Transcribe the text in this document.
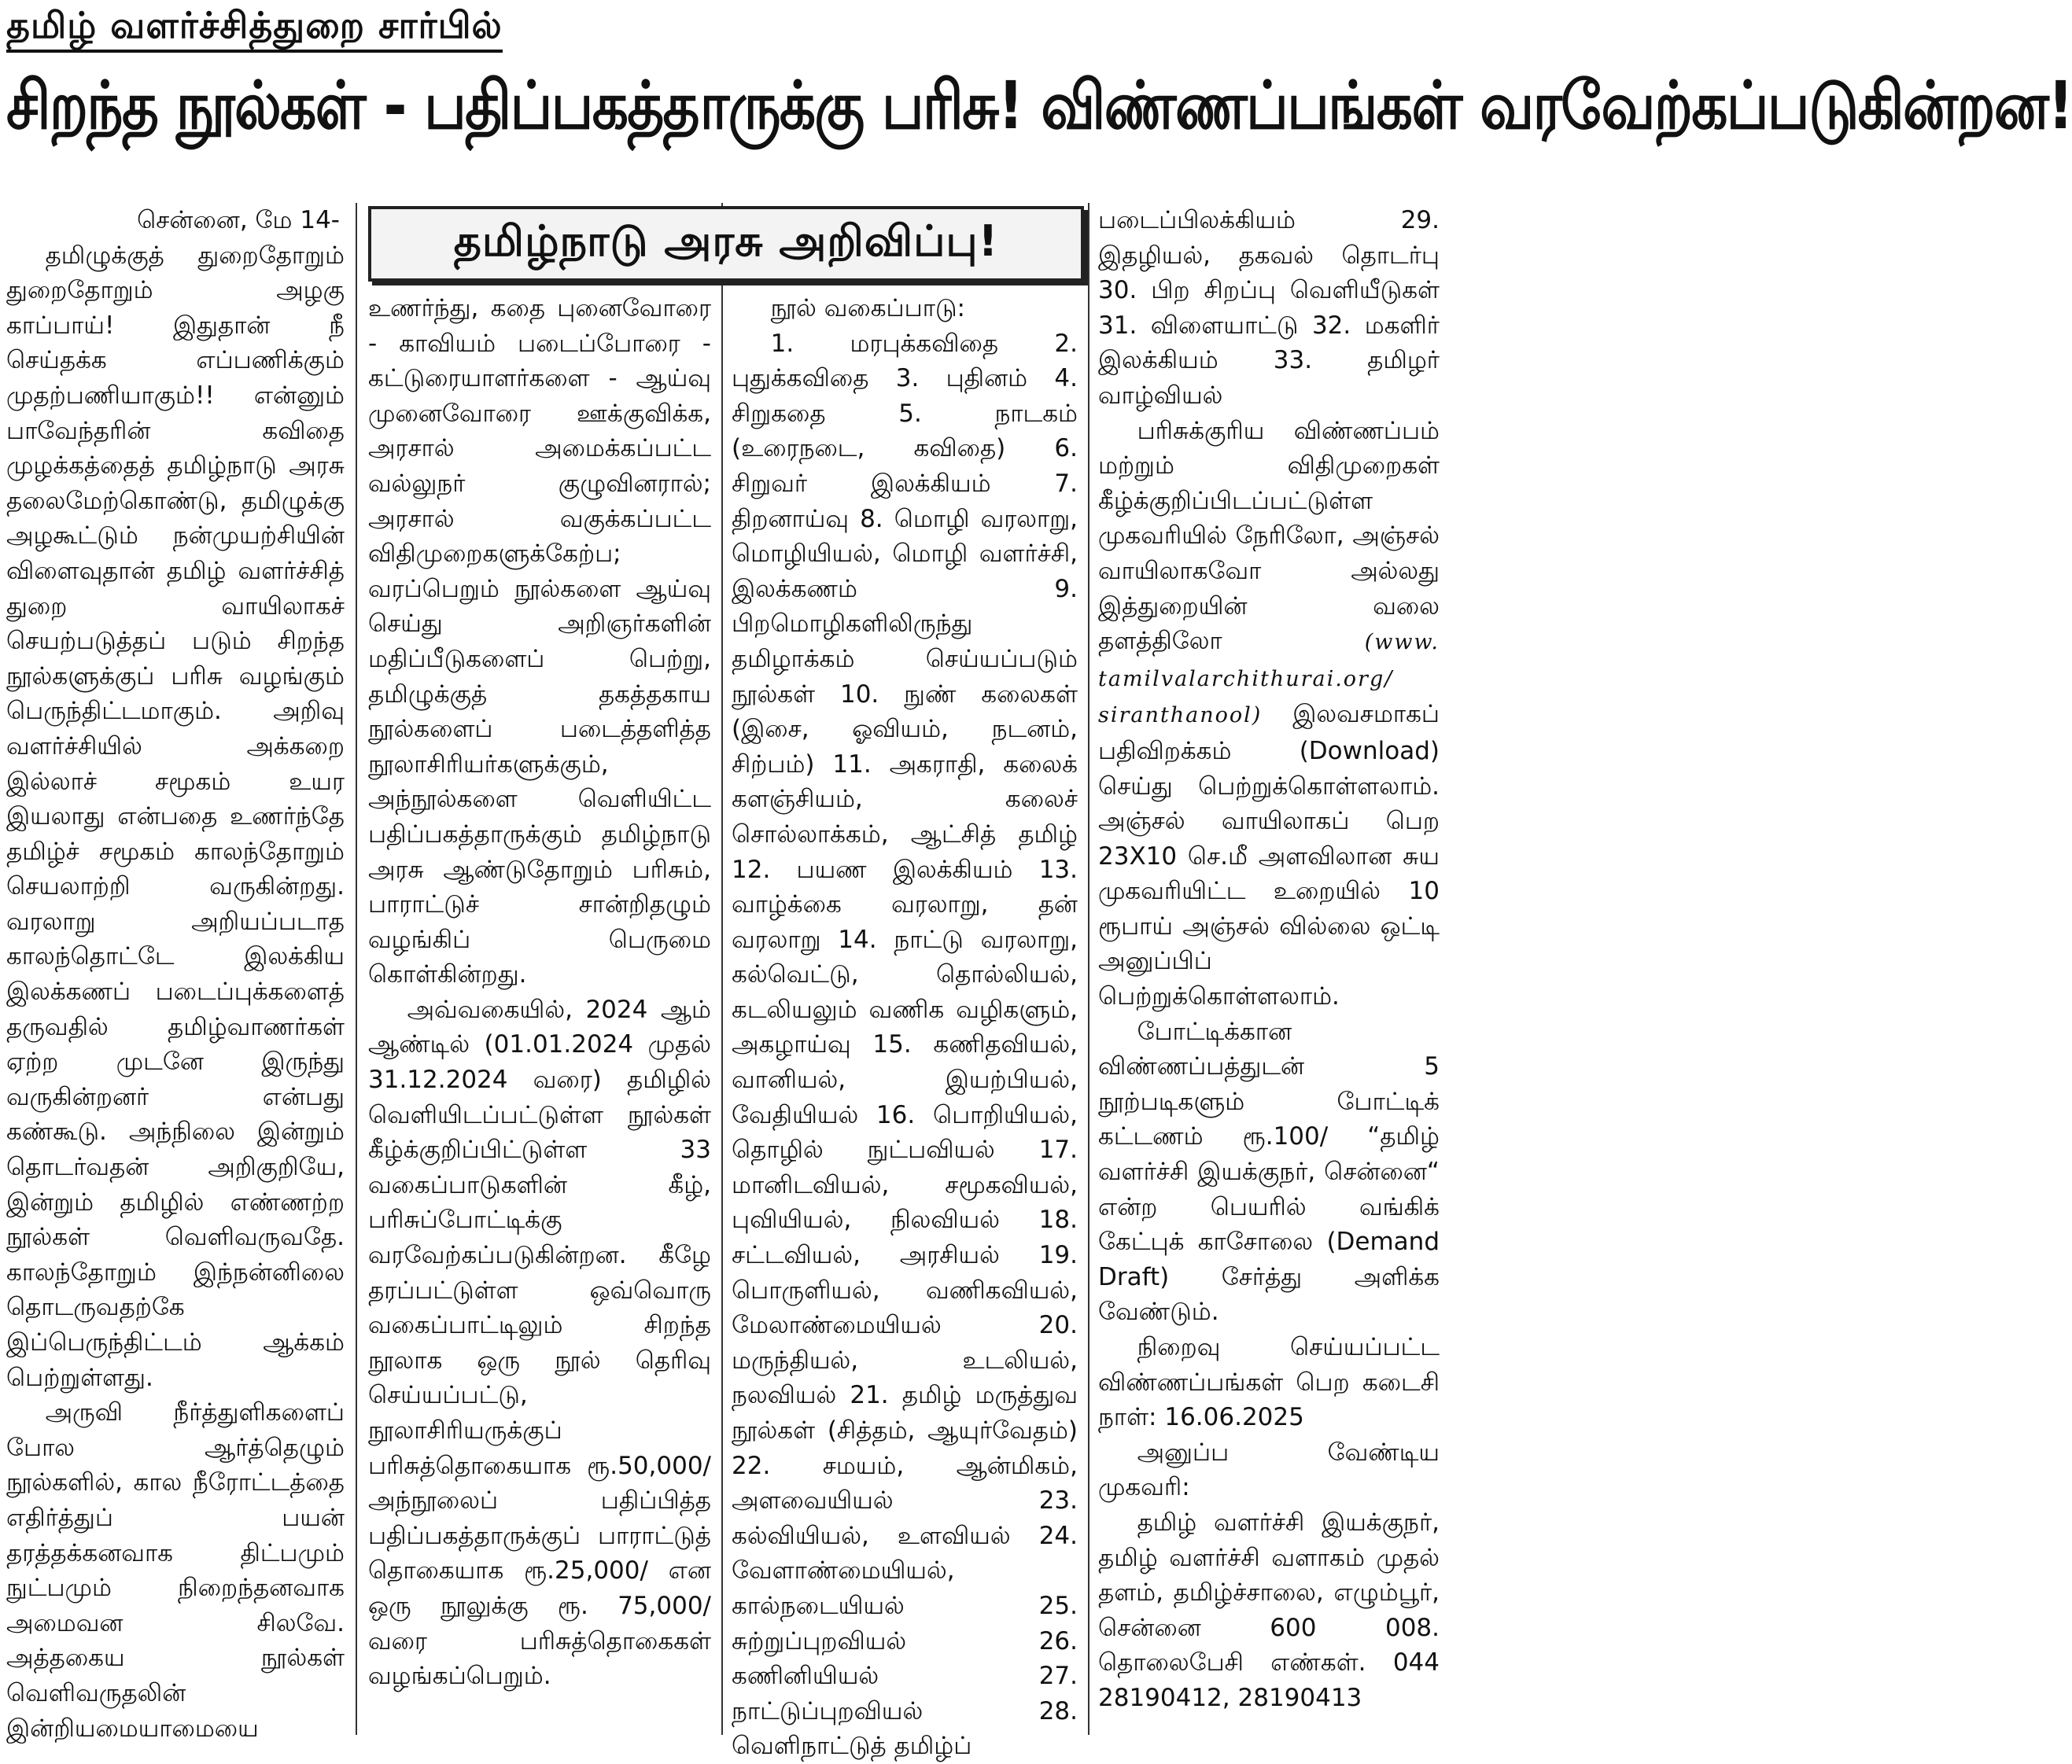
தமிழ் வளர்ச்சித்துறை சார்பில்
சிறந்த நூல்கள் - பதிப்பகத்தாருக்கு பரிசு! விண்ணப்பங்கள் வரவேற்கப்படுகின்றன!
தமிழ்நாடு அரசு அறிவிப்பு!

சென்னை, மே 14-

தமிழுக்குத் துறைதோறும் துறைதோறும் அழகு காப்பாய்! இதுதான் நீ செய்தக்க எப்பணிக்கும் முதற்பணியாகும்!! என்னும் பாவேந்தரின் கவிதை முழக்கத்தைத் தமிழ்நாடு அரசு தலைமேற்கொண்டு, தமிழுக்கு அழகூட்டும் நன்முயற்சியின் விளைவுதான் தமிழ் வளர்ச்சித் துறை வாயிலாகச் செயற்படுத்தப் படும் சிறந்த நூல்களுக்குப் பரிசு வழங்கும் பெருந்திட்டமாகும். அறிவு வளர்ச்சியில் அக்கறை இல்லாச் சமூகம் உயர இயலாது என்பதை உணர்ந்தே தமிழ்ச் சமூகம் காலந்தோறும் செயலாற்றி வருகின்றது. வரலாறு அறியப்படாத காலந்தொட்டே இலக்கிய இலக்கணப் படைப்புக்களைத் தருவதில் தமிழ்வாணர்கள் ஏற்ற முடனே இருந்து வருகின்றனர் என்பது கண்கூடு. அந்நிலை இன்றும் தொடர்வதன் அறிகுறியே, இன்றும் தமிழில் எண்ணற்ற நூல்கள் வெளிவருவதே. காலந்தோறும் இந்நன்னிலை தொடருவதற்கே இப்பெருந்திட்டம் ஆக்கம் பெற்றுள்ளது.

அருவி நீர்த்துளிகளைப் போல ஆர்த்தெழும் நூல்களில், கால நீரோட்டத்தை எதிர்த்துப் பயன் தரத்தக்கனவாக திட்பமும் நுட்பமும் நிறைந்தனவாக அமைவன சிலவே. அத்தகைய நூல்கள் வெளிவருதலின் இன்றியமையாமையை

உணர்ந்து, கதை புனைவோரை - காவியம் படைப்போரை - கட்டுரையாளர்களை - ஆய்வு முனைவோரை ஊக்குவிக்க, அரசால் அமைக்கப்பட்ட வல்லுநர் குழுவினரால்; அரசால் வகுக்கப்பட்ட விதிமுறைகளுக்கேற்ப; வரப்பெறும் நூல்களை ஆய்வு செய்து அறிஞர்களின் மதிப்பீடுகளைப் பெற்று, தமிழுக்குத் தகத்தகாய நூல்களைப் படைத்தளித்த நூலாசிரியர்களுக்கும், அந்நூல்களை வெளியிட்ட பதிப்பகத்தாருக்கும் தமிழ்நாடு அரசு ஆண்டுதோறும் பரிசும், பாராட்டுச் சான்றிதழும் வழங்கிப் பெருமை கொள்கின்றது.

அவ்வகையில், 2024 ஆம் ஆண்டில் (01.01.2024 முதல் 31.12.2024 வரை) தமிழில் வெளியிடப்பட்டுள்ள நூல்கள் கீழ்க்குறிப்பிட்டுள்ள 33 வகைப்பாடுகளின் கீழ், பரிசுப்போட்டிக்கு வரவேற்கப்படுகின்றன. கீழே தரப்பட்டுள்ள ஒவ்வொரு வகைப்பாட்டிலும் சிறந்த நூலாக ஒரு நூல் தெரிவு செய்யப்பட்டு, நூலாசிரியருக்குப் பரிசுத்தொகையாக ரூ.50,000/ அந்நூலைப் பதிப்பித்த பதிப்பகத்தாருக்குப் பாராட்டுத் தொகையாக ரூ.25,000/ என ஒரு நூலுக்கு ரூ. 75,000/ வரை பரிசுத்தொகைகள் வழங்கப்பெறும்.

நூல் வகைப்பாடு:

1. மரபுக்கவிதை 2. புதுக்கவிதை 3. புதினம் 4. சிறுகதை 5. நாடகம் (உரைநடை, கவிதை) 6. சிறுவர் இலக்கியம் 7. திறனாய்வு 8. மொழி வரலாறு, மொழியியல், மொழி வளர்ச்சி, இலக்கணம் 9. பிறமொழிகளிலிருந்து தமிழாக்கம் செய்யப்படும் நூல்கள் 10. நுண் கலைகள் (இசை, ஓவியம், நடனம், சிற்பம்) 11. அகராதி, கலைக் களஞ்சியம், கலைச் சொல்லாக்கம், ஆட்சித் தமிழ் 12. பயண இலக்கியம் 13. வாழ்க்கை வரலாறு, தன் வரலாறு 14. நாட்டு வரலாறு, கல்வெட்டு, தொல்லியல், கடலியலும் வணிக வழிகளும், அகழாய்வு 15. கணிதவியல், வானியல், இயற்பியல், வேதியியல் 16. பொறியியல், தொழில் நுட்பவியல் 17. மானிடவியல், சமூகவியல், புவியியல், நிலவியல் 18. சட்டவியல், அரசியல் 19. பொருளியல், வணிகவியல், மேலாண்மையியல் 20. மருந்தியல், உடலியல், நலவியல் 21. தமிழ் மருத்துவ நூல்கள் (சித்தம், ஆயுர்வேதம்) 22. சமயம், ஆன்மிகம், அளவையியல் 23. கல்வியியல், உளவியல் 24. வேளாண்மையியல், கால்நடையியல் 25. சுற்றுப்புறவியல் 26. கணினியியல் 27. நாட்டுப்புறவியல் 28. வெளிநாட்டுத் தமிழ்ப்

படைப்பிலக்கியம் 29. இதழியல், தகவல் தொடர்பு 30. பிற சிறப்பு வெளியீடுகள் 31. விளையாட்டு 32. மகளிர் இலக்கியம் 33. தமிழர் வாழ்வியல்

பரிசுக்குரிய விண்ணப்பம் மற்றும் விதிமுறைகள் கீழ்க்குறிப்பிடப்பட்டுள்ள முகவரியில் நேரிலோ, அஞ்சல் வாயிலாகவோ அல்லது இத்துறையின் வலை தளத்திலோ	(www. tamilvalarchithurai.org/ siranthanool) இலவசமாகப் பதிவிறக்கம் (Download) செய்து பெற்றுக்கொள்ளலாம். அஞ்சல் வாயிலாகப் பெற 23X10 செ.மீ அளவிலான சுய முகவரியிட்ட உறையில் 10 ரூபாய் அஞ்சல் வில்லை ஒட்டி அனுப்பிப் பெற்றுக்கொள்ளலாம்.

போட்டிக்கான விண்ணப்பத்துடன் 5 நூற்படிகளும் போட்டிக் கட்டணம் ரூ.100/ “தமிழ் வளர்ச்சி இயக்குநர், சென்னை“ என்ற பெயரில் வங்கிக் கேட்புக் காசோலை (Demand Draft) சேர்த்து அளிக்க வேண்டும்.

நிறைவு செய்யப்பட்ட விண்ணப்பங்கள் பெற கடைசி நாள்: 16.06.2025

அனுப்ப வேண்டிய முகவரி:

தமிழ் வளர்ச்சி இயக்குநர், தமிழ் வளர்ச்சி வளாகம் முதல் தளம், தமிழ்ச்சாலை, எழும்பூர், சென்னை 600 008. தொலைபேசி எண்கள். 044 28190412, 28190413
